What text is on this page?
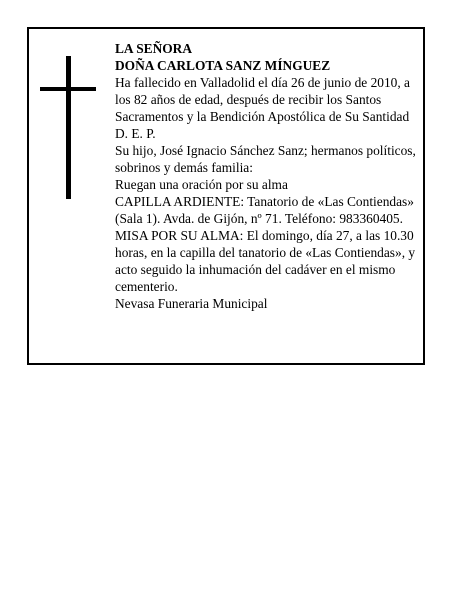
LA SEÑORA

DOÑA CARLOTA SANZ MÍNGUEZ

Ha fallecido en Valladolid el día 26 de junio de 2010, a los 82 años de edad, después de recibir los Santos Sacramentos y la Bendición Apostólica de Su Santidad D. E. P.

Su hijo, José Ignacio Sánchez Sanz; hermanos políticos, sobrinos y demás familia:

Ruegan una oración por su alma

CAPILLA ARDIENTE: Tanatorio de «Las Contiendas» (Sala 1). Avda. de Gijón, nº 71. Teléfono: 983360405.

MISA POR SU ALMA: El domingo, día 27, a las 10.30 horas, en la capilla del tanatorio de «Las Contiendas», y acto seguido la inhumación del cadáver en el mismo cementerio.

Nevasa Funeraria Municipal
